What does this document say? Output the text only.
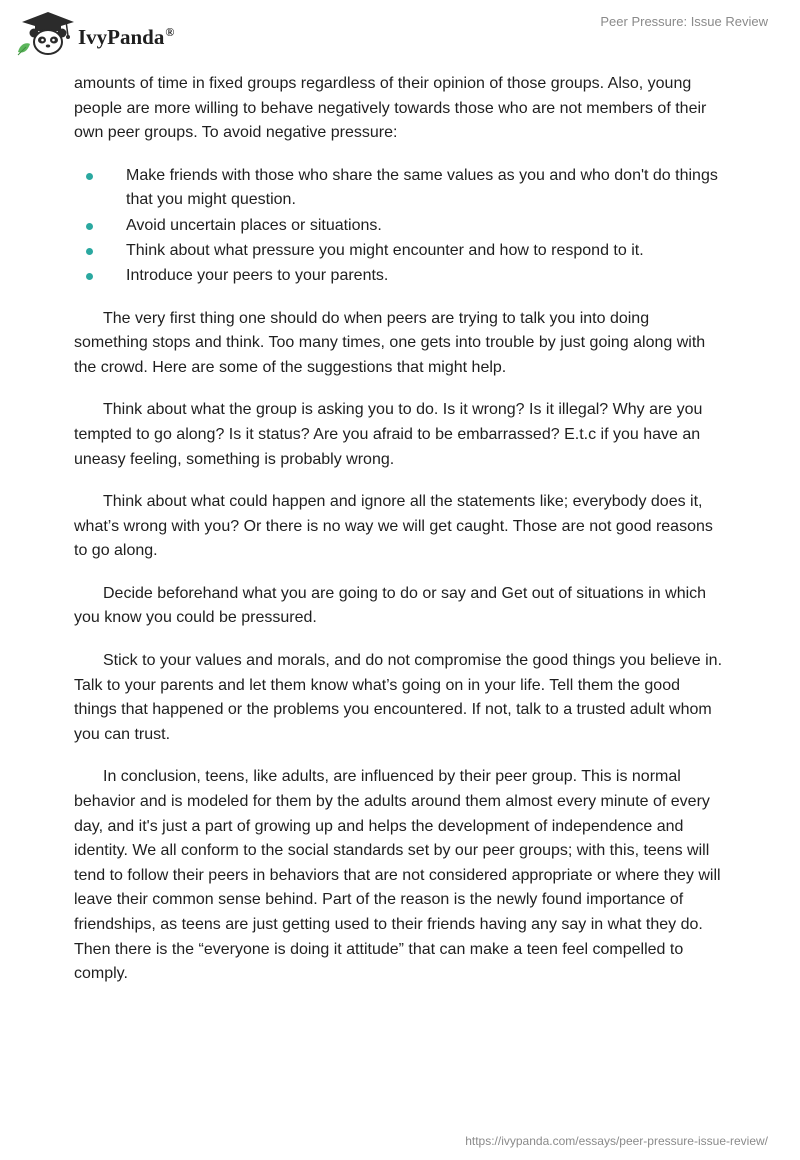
IvyPanda®
Peer Pressure: Issue Review

amounts of time in fixed groups regardless of their opinion of those groups. Also, young people are more willing to behave negatively towards those who are not members of their own peer groups. To avoid negative pressure:

Make friends with those who share the same values as you and who don't do things that you might question.
Avoid uncertain places or situations.
Think about what pressure you might encounter and how to respond to it.
Introduce your peers to your parents.

The very first thing one should do when peers are trying to talk you into doing something stops and think. Too many times, one gets into trouble by just going along with the crowd. Here are some of the suggestions that might help.

Think about what the group is asking you to do. Is it wrong? Is it illegal? Why are you tempted to go along? Is it status? Are you afraid to be embarrassed? E.t.c if you have an uneasy feeling, something is probably wrong.

Think about what could happen and ignore all the statements like; everybody does it, what’s wrong with you? Or there is no way we will get caught. Those are not good reasons to go along.

Decide beforehand what you are going to do or say and Get out of situations in which you know you could be pressured.

Stick to your values and morals, and do not compromise the good things you believe in. Talk to your parents and let them know what’s going on in your life. Tell them the good things that happened or the problems you encountered. If not, talk to a trusted adult whom you can trust.

In conclusion, teens, like adults, are influenced by their peer group. This is normal behavior and is modeled for them by the adults around them almost every minute of every day, and it's just a part of growing up and helps the development of independence and identity. We all conform to the social standards set by our peer groups; with this, teens will tend to follow their peers in behaviors that are not considered appropriate or where they will leave their common sense behind. Part of the reason is the newly found importance of friendships, as teens are just getting used to their friends having any say in what they do. Then there is the “everyone is doing it attitude” that can make a teen feel compelled to comply.

https://ivypanda.com/essays/peer-pressure-issue-review/
